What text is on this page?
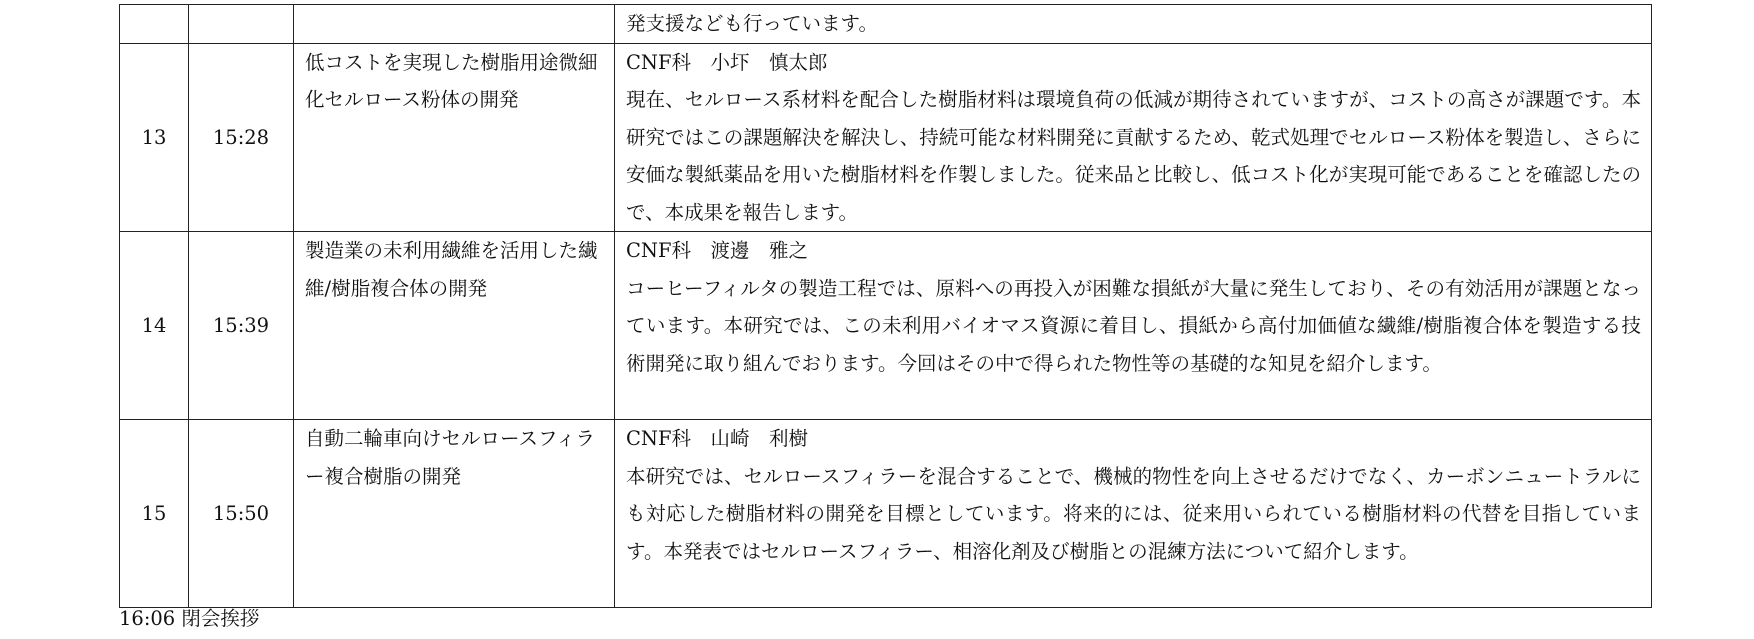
			発支援なども行っています。
13	15:28	低コストを実現した樹脂用途微細化セルロース粉体の開発	CNF科　小圷　慎太郎
現在、セルロース系材料を配合した樹脂材料は環境負荷の低減が期待されていますが、コストの高さが課題です。本研究ではこの課題解決を解決し、持続可能な材料開発に貢献するため、乾式処理でセルロース粉体を製造し、さらに安価な製紙薬品を用いた樹脂材料を作製しました。従来品と比較し、低コスト化が実現可能であることを確認したので、本成果を報告します。

14	15:39	製造業の未利用繊維を活用した繊維/樹脂複合体の開発	CNF科　渡邊　雅之
コーヒーフィルタの製造工程では、原料への再投入が困難な損紙が大量に発生しており、その有効活用が課題となっています。本研究では、この未利用バイオマス資源に着目し、損紙から高付加価値な繊維/樹脂複合体を製造する技術開発に取り組んでおります。今回はその中で得られた物性等の基礎的な知見を紹介します。

15	15:50	自動二輪車向けセルロースフィラー複合樹脂の開発	CNF科　山崎　利樹
本研究では、セルロースフィラーを混合することで、機械的物性を向上させるだけでなく、カーボンニュートラルにも対応した樹脂材料の開発を目標としています。将来的には、従来用いられている樹脂材料の代替を目指しています。本発表ではセルロースフィラー、相溶化剤及び樹脂との混練方法について紹介します。
16:06 閉会挨拶
